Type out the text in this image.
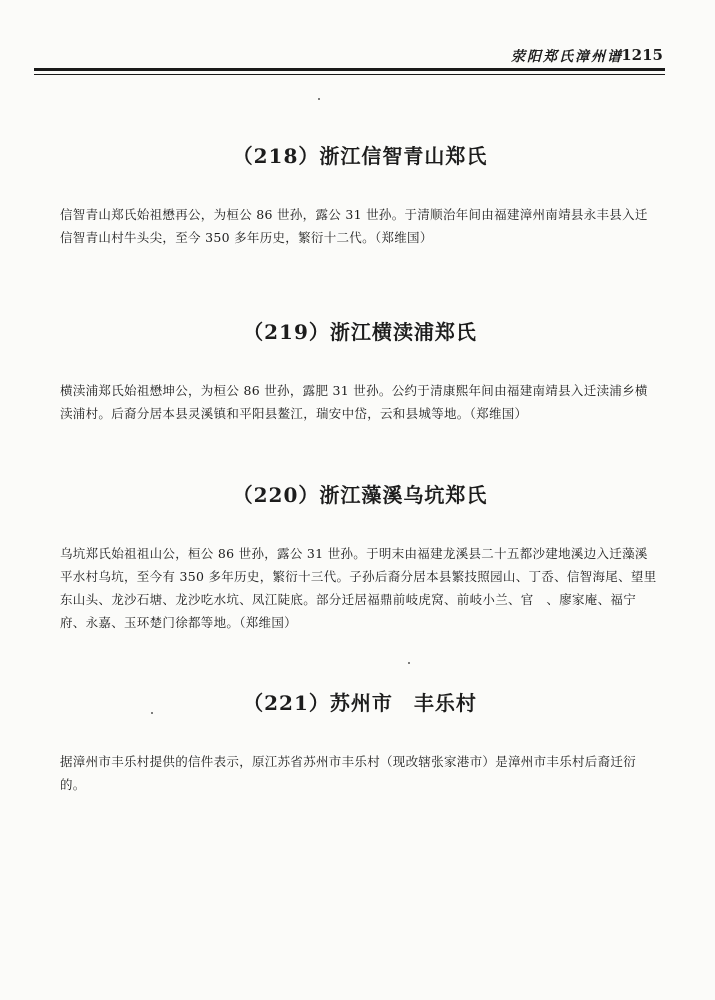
荥阳郑氏漳州谱
1215
（218）浙江信智青山郑氏

信智青山郑氏始祖懋再公，为桓公 86 世孙，露公 31 世孙。于清顺治年间由福建漳州南靖县永丰县入迁信智青山村牛头尖，至今 350 多年历史，繁衍十二代。（郑维国）

（219）浙江横渎浦郑氏

横渎浦郑氏始祖懋坤公，为桓公 86 世孙，露肥 31 世孙。公约于清康熙年间由福建南靖县入迁渎浦乡横渎浦村。后裔分居本县灵溪镇和平阳县鳌江，瑞安中岱，云和县城等地。（郑维国）

（220）浙江藻溪乌坑郑氏

乌坑郑氏始祖祖山公，桓公 86 世孙，露公 31 世孙。于明末由福建龙溪县二十五都沙建地溪边入迁藻溪平水村乌坑，至今有 350 多年历史，繁衍十三代。子孙后裔分居本县繁技照园山、丁岙、信智海尾、望里东山头、龙沙石塘、龙沙吃水坑、凤江陡底。部分迁居福鼎前岐虎窝、前岐小兰、官　、廖家庵、福宁府、永嘉、玉环楚门徐都等地。（郑维国）

（221）苏州市　丰乐村

据漳州市丰乐村提供的信件表示，原江苏省苏州市丰乐村（现改辖张家港市）是漳州市丰乐村后裔迁衍的。
